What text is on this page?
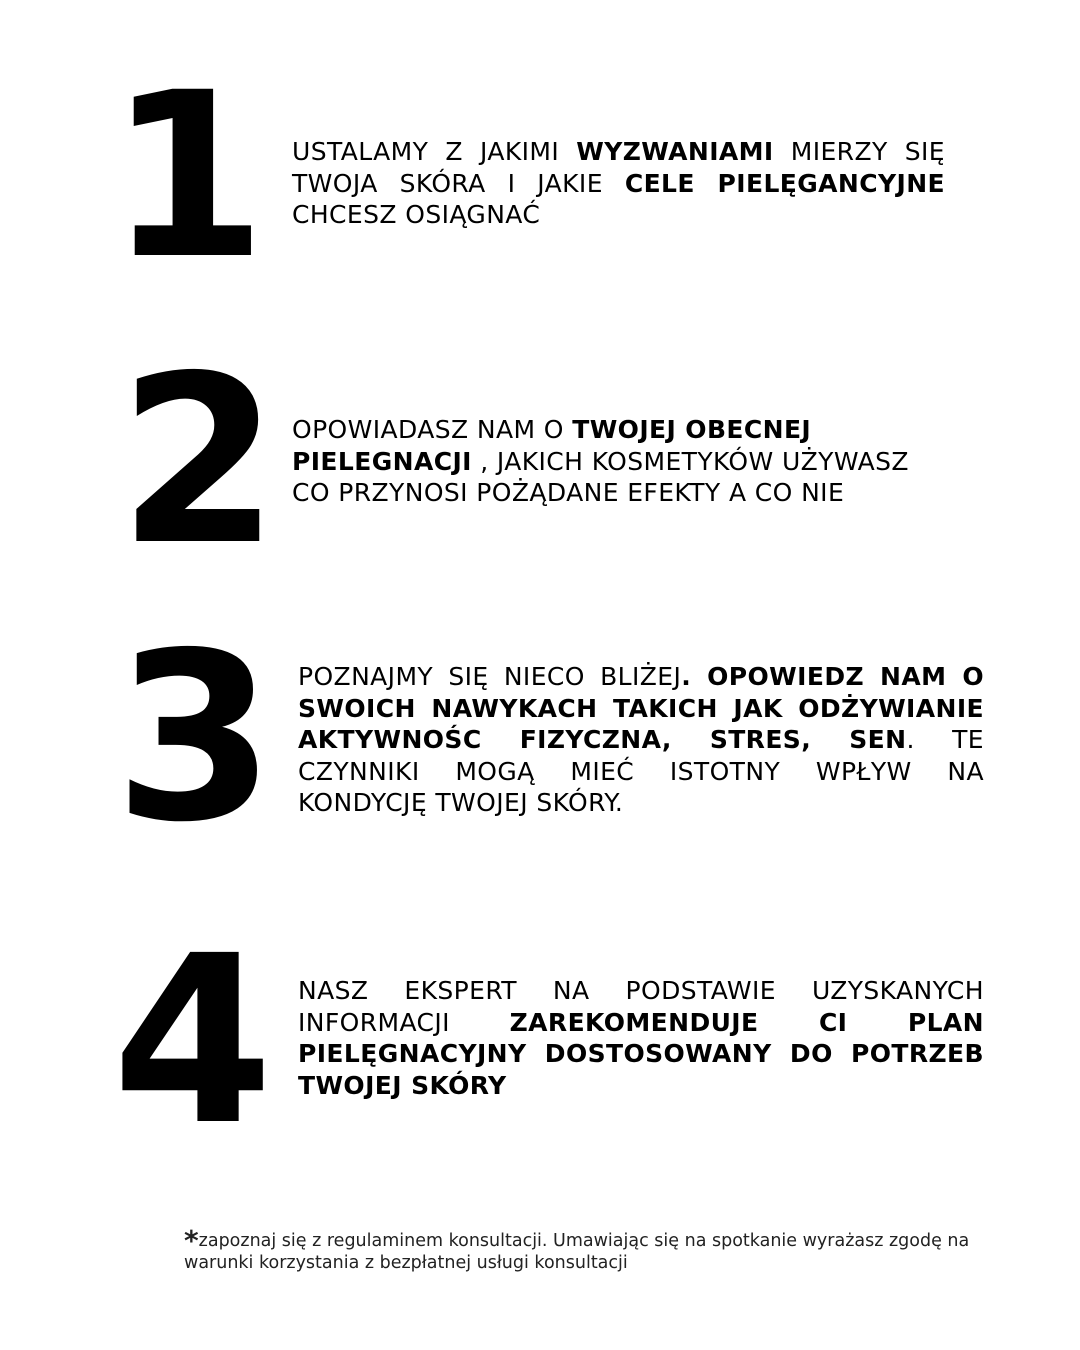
1 USTALAMY Z JAKIMI WYZWANIAMI MIERZY SIĘ TWOJA SKÓRA I JAKIE CELE PIELĘGANCYJNE CHCESZ OSIĄGNAĆ
2 OPOWIADASZ NAM O TWOJEJ OBECNEJ PIELEGNACJI , JAKICH KOSMETYKÓW UŻYWASZ CO PRZYNOSI POŻĄDANE EFEKTY A CO NIE
3 POZNAJMY SIĘ NIECO BLIŻEJ. OPOWIEDZ NAM O SWOICH NAWYKACH TAKICH JAK ODŻYWIANIE AKTYWNOŚC FIZYCZNA, STRES, SEN. TE CZYNNIKI MOGĄ MIEĆ ISTOTNY WPŁYW NA KONDYCJĘ TWOJEJ SKÓRY.
4 NASZ EKSPERT NA PODSTAWIE UZYSKANYCH INFORMACJI ZAREKOMENDUJE CI PLAN PIELĘGNACYJNY DOSTOSOWANY DO POTRZEB TWOJEJ SKÓRY
*zapoznaj się z regulaminem konsultacji. Umawiając się na spotkanie wyrażasz zgodę na warunki korzystania z bezpłatnej usługi konsultacji
